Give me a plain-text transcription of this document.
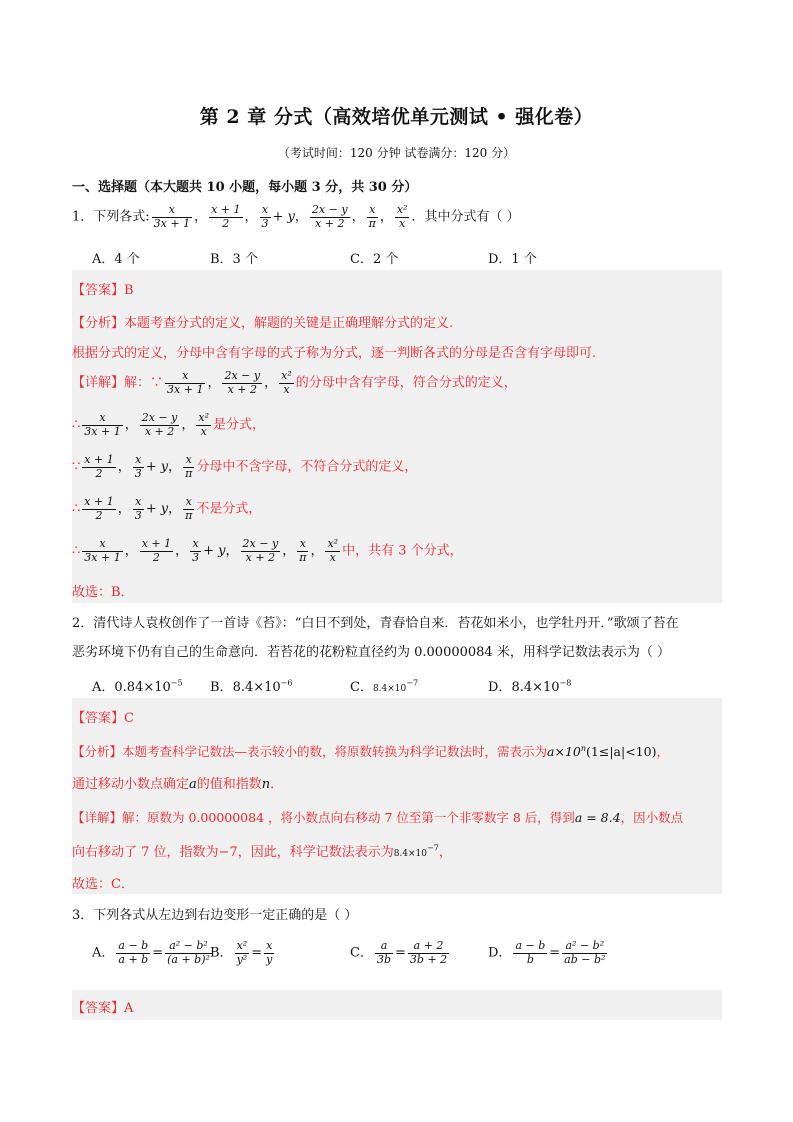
第 2 章 分式（高效培优单元测试 • 强化卷）
（考试时间：120 分钟 试卷满分：120 分）
一、选择题（本大题共 10 小题，每小题 3 分，共 30 分）
1．下列各式: $\frac{x}{3x + 1}$ ， $\frac{x + 1}{2}$ ， $\frac{x}{3} + y$， $\frac{2x - y}{x + 2}$ ， $\frac{x}{\pi}$ ， $\frac{\text{x²}}{x}$ ．其中分式有（ ）
A．4 个	B．3 个	C．2 个	D．1 个
【答案】B
【分析】本题考查分式的定义，解题的关键是正确理解分式的定义.
根据分式的定义，分母中含有字母的式子称为分式，逐一判断各式的分母是否含有字母即可.
【详解】解：∵ $\frac{x}{3x + 1}$ ， $\frac{2x - y}{x + 2}$ ， $\frac{\text{x²}}{x}$ 的分母中含有字母，符合分式的定义，
∴ $\frac{x}{3x + 1}$ ， $\frac{2x - y}{x + 2}$ ， $\frac{\text{x²}}{x}$ 是分式，
∵ $\frac{x + 1}{2}$ ， $\frac{x}{3} + y$， $\frac{x}{\pi}$ 分母中不含字母，不符合分式的定义，
∴ $\frac{x + 1}{2}$ ， $\frac{x}{3} + y$， $\frac{x}{\pi}$ 不是分式，
∴ $\frac{x}{3x + 1}$ ， $\frac{x + 1}{2}$ ， $\frac{x}{3} + y$， $\frac{2x - y}{x + 2}$ ， $\frac{x}{\pi}$ ， $\frac{\text{x²}}{x}$ 中，共有 3 个分式，
故选：B．
2．清代诗人袁枚创作了一首诗《苔》：“白日不到处，青春恰自来．苔花如米小，也学牡丹开．”歌颂了苔在
恶劣环境下仍有自己的生命意向．若苔花的花粉粒直径约为 0.00000084 米，用科学记数法表示为（ ）
A．$0.84\times 10^{-5}$ B．$8.4\times 10^{-6}$	C．$8.4\times 10^{-7}$	D．$8.4\times 10^{-8}$
【答案】C
【分析】本题考查科学记数法—表示较小的数，将原数转换为科学记数法时，需表示为$a\times 10^n(1\le|a|<10)$，
通过移动小数点确定a的值和指数n．
【详解】解：原数为 0.00000084 ，将小数点向右移动 7 位至第一个非零数字 8 后，得到a = 8.4，因小数点
向右移动了 7 位，指数为−7，因此，科学记数法表示为$8.4\times 10^{-7}$，
故选：C．
3．下列各式从左边到右边变形一定正确的是（ ）
A． $\frac{a - b}{a + b} = \frac{\text{a² − b²}}{\text{(a + b)²}}$
B． $\frac{\text{x²}}{\text{y²}} = \frac{x}{y}$	C． $\frac{a}{3b} = \frac{a + 2}{3b + 2}$	D． $\frac{a - b}{b} = \frac{\text{a² − b²}}{\text{ab − b²}}$
【答案】A
